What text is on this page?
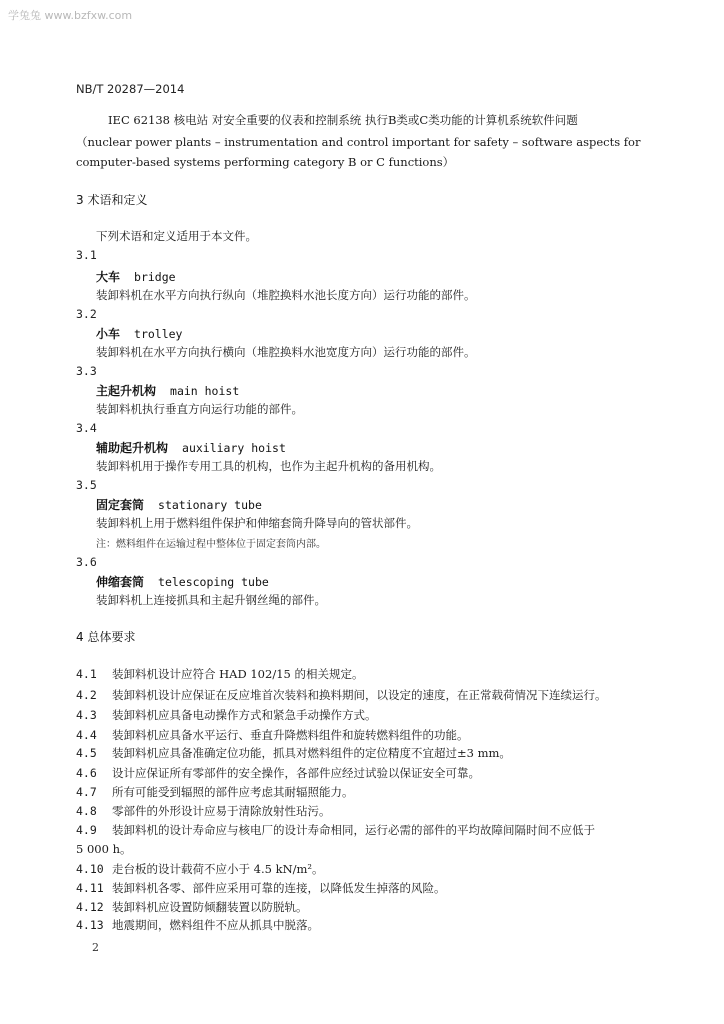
学兔兔 www.bzfxw.com
NB/T 20287—2014
IEC 62138 核电站 对安全重要的仪表和控制系统 执行B类或C类功能的计算机系统软件问题
（nuclear power plants – instrumentation and control important for safety – software aspects for
computer-based systems performing category B or C functions）
3 术语和定义
下列术语和定义适用于本文件。
3.1
大车 bridge
装卸料机在水平方向执行纵向（堆腔换料水池长度方向）运行功能的部件。
3.2
小车 trolley
装卸料机在水平方向执行横向（堆腔换料水池宽度方向）运行功能的部件。
3.3
主起升机构 main hoist
装卸料机执行垂直方向运行功能的部件。
3.4
辅助起升机构 auxiliary hoist
装卸料机用于操作专用工具的机构，也作为主起升机构的备用机构。
3.5
固定套筒 stationary tube
装卸料机上用于燃料组件保护和伸缩套筒升降导向的管状部件。
注：燃料组件在运输过程中整体位于固定套筒内部。
3.6
伸缩套筒 telescoping tube
装卸料机上连接抓具和主起升钢丝绳的部件。
4 总体要求
4.1 装卸料机设计应符合 HAD 102/15 的相关规定。
4.2 装卸料机设计应保证在反应堆首次装料和换料期间，以设定的速度，在正常载荷情况下连续运行。
4.3 装卸料机应具备电动操作方式和紧急手动操作方式。
4.4 装卸料机应具备水平运行、垂直升降燃料组件和旋转燃料组件的功能。
4.5 装卸料机应具备准确定位功能，抓具对燃料组件的定位精度不宜超过±3 mm。
4.6 设计应保证所有零部件的安全操作，各部件应经过试验以保证安全可靠。
4.7 所有可能受到辐照的部件应考虑其耐辐照能力。
4.8 零部件的外形设计应易于清除放射性玷污。
4.9 装卸料机的设计寿命应与核电厂的设计寿命相同，运行必需的部件的平均故障间隔时间不应低于
5 000 h。
4.10 走台板的设计载荷不应小于 4.5 kN/m²。
4.11 装卸料机各零、部件应采用可靠的连接，以降低发生掉落的风险。
4.12 装卸料机应设置防倾翻装置以防脱轨。
4.13 地震期间，燃料组件不应从抓具中脱落。
2
